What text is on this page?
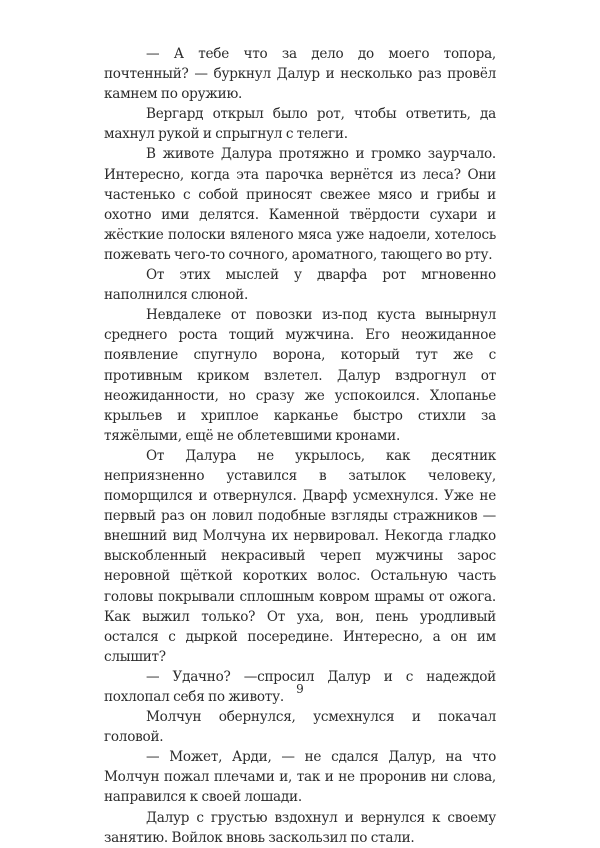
— А тебе что за дело до моего топора, почтенный? — буркнул Далур и несколько раз провёл камнем по оружию.

Вергард открыл было рот, чтобы ответить, да махнул рукой и спрыгнул с телеги.

В животе Далура протяжно и громко заурчало. Интересно, когда эта парочка вернётся из леса? Они частенько с собой приносят свежее мясо и грибы и охотно ими делятся. Каменной твёрдости сухари и жёсткие полоски вяленого мяса уже надоели, хотелось пожевать чего-то сочного, ароматного, тающего во рту.

От этих мыслей у дварфа рот мгновенно наполнился слюной.

Невдалеке от повозки из-под куста вынырнул среднего роста тощий мужчина. Его неожиданное появление спугнуло ворона, который тут же с противным криком взлетел. Далур вздрогнул от неожиданности, но сразу же успокоился. Хлопанье крыльев и хриплое карканье быстро стихли за тяжёлыми, ещё не облетевшими кронами.

От Далура не укрылось, как десятник неприязненно уставился в затылок человеку, поморщился и отвернулся. Дварф усмехнулся. Уже не первый раз он ловил подобные взгляды стражников — внешний вид Молчуна их нервировал. Некогда гладко выскобленный некрасивый череп мужчины зарос неровной щёткой коротких волос. Остальную часть головы покрывали сплошным ковром шрамы от ожога. Как выжил только? От уха, вон, пень уродливый остался с дыркой посередине. Интересно, а он им слышит?

— Удачно? —спросил Далур и с надеждой похлопал себя по животу.

Молчун обернулся, усмехнулся и покачал головой.

— Может, Арди, — не сдался Далур, на что Молчун пожал плечами и, так и не проронив ни слова, направился к своей лошади.

Далур с грустью вздохнул и вернулся к своему занятию. Войлок вновь заскользил по стали.

9
